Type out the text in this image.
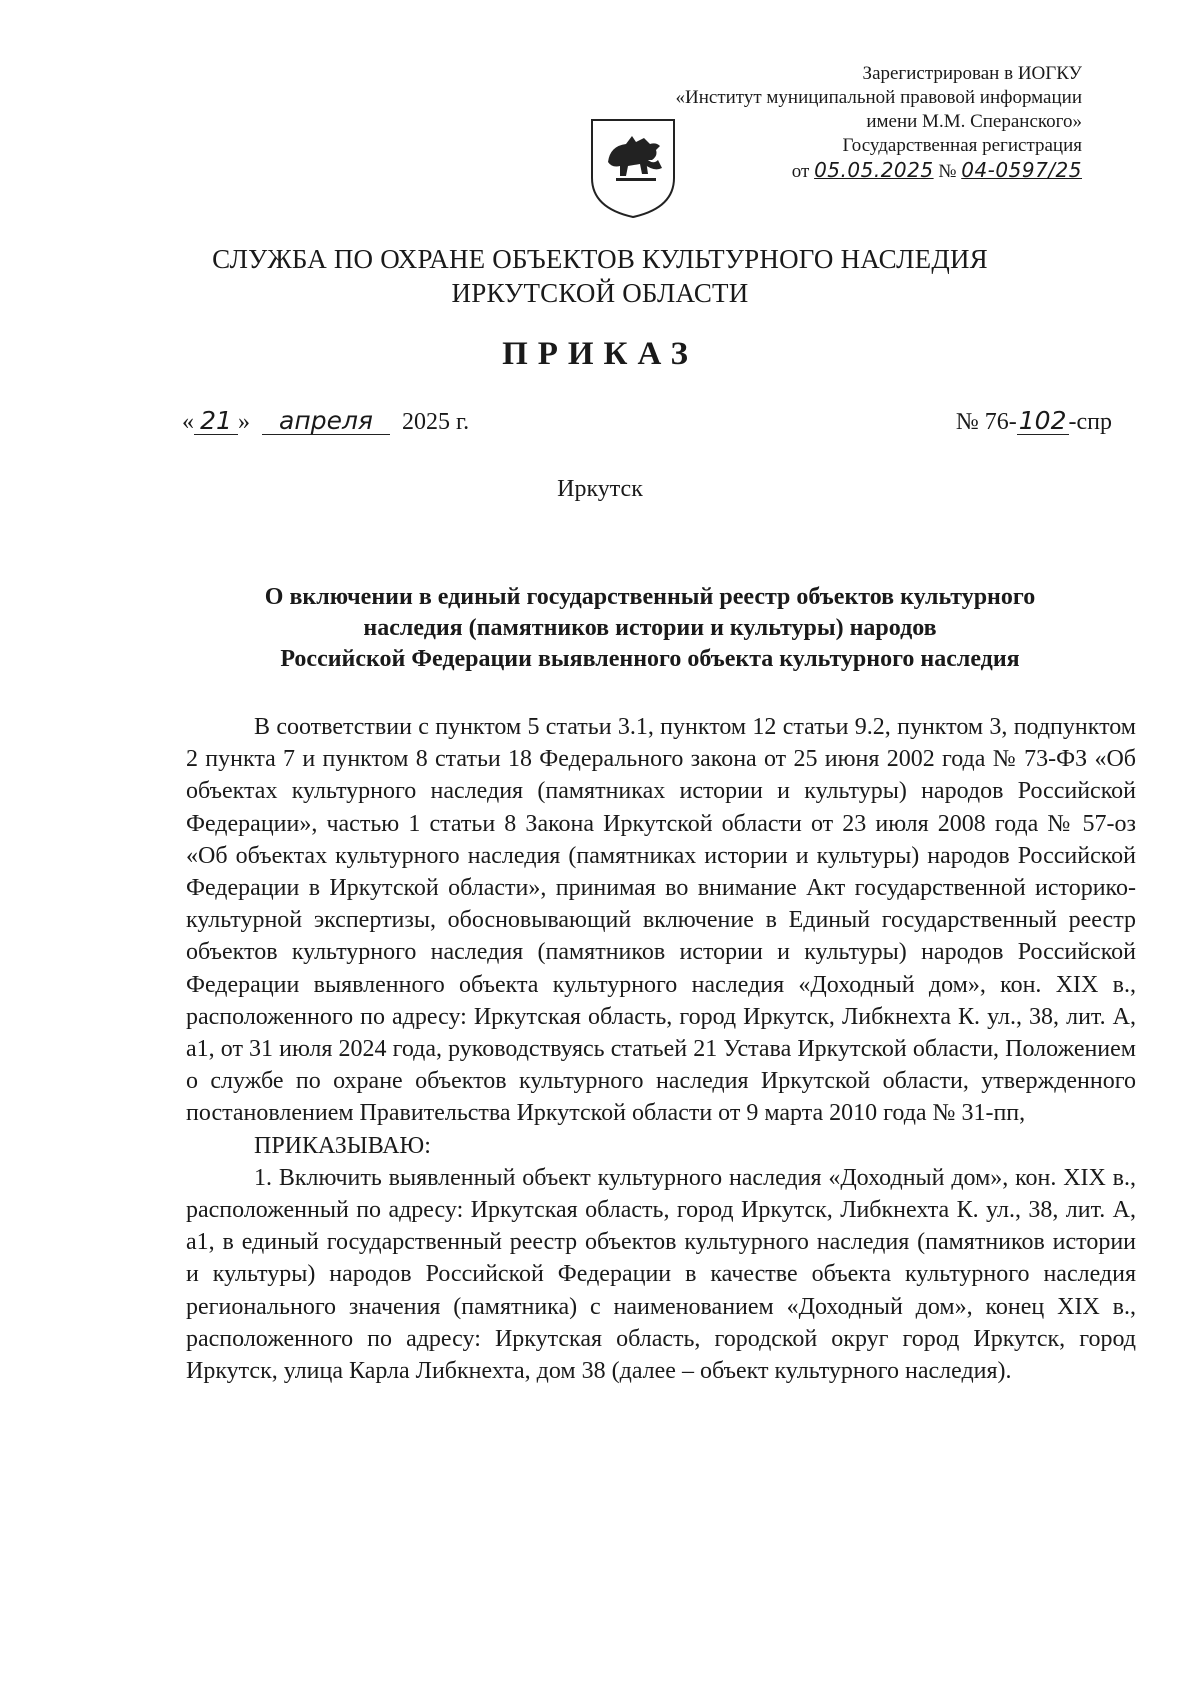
Зарегистрирован в ИОГКУ
«Институт муниципальной правовой информации
имени М.М. Сперанского»
Государственная регистрация
от 05.05.2025 № 04-0597/25
СЛУЖБА ПО ОХРАНЕ ОБЪЕКТОВ КУЛЬТУРНОГО НАСЛЕДИЯ
ИРКУТСКОЙ ОБЛАСТИ
ПРИКАЗ
« 21 » апреля 2025 г.	№ 76-102-спр
Иркутск
О включении в единый государственный реестр объектов культурного
наследия (памятников истории и культуры) народов
Российской Федерации выявленного объекта культурного наследия

В соответствии с пунктом 5 статьи 3.1, пунктом 12 статьи 9.2, пунктом 3, подпунктом 2 пункта 7 и пунктом 8 статьи 18 Федерального закона от 25 июня 2002 года № 73-ФЗ «Об объектах культурного наследия (памятниках истории и культуры) народов Российской Федерации», частью 1 статьи 8 Закона Иркутской области от 23 июля 2008 года № 57-оз «Об объектах культурного наследия (памятниках истории и культуры) народов Российской Федерации в Иркутской области», принимая во внимание Акт государственной историко-культурной экспертизы, обосновывающий включение в Единый государственный реестр объектов культурного наследия (памятников истории и культуры) народов Российской Федерации выявленного объекта культурного наследия «Доходный дом», кон. XIX в., расположенного по адресу: Иркутская область, город Иркутск, Либкнехта К. ул., 38, лит. А, а1, от 31 июля 2024 года, руководствуясь статьей 21 Устава Иркутской области, Положением о службе по охране объектов культурного наследия Иркутской области, утвержденного постановлением Правительства Иркутской области от 9 марта 2010 года № 31-пп,

ПРИКАЗЫВАЮ:

1. Включить выявленный объект культурного наследия «Доходный дом», кон. XIX в., расположенный по адресу: Иркутская область, город Иркутск, Либкнехта К. ул., 38, лит. А, а1, в единый государственный реестр объектов культурного наследия (памятников истории и культуры) народов Российской Федерации в качестве объекта культурного наследия регионального значения (памятника) с наименованием «Доходный дом», конец XIX в., расположенного по адресу: Иркутская область, городской округ город Иркутск, город Иркутск, улица Карла Либкнехта, дом 38 (далее – объект культурного наследия).
